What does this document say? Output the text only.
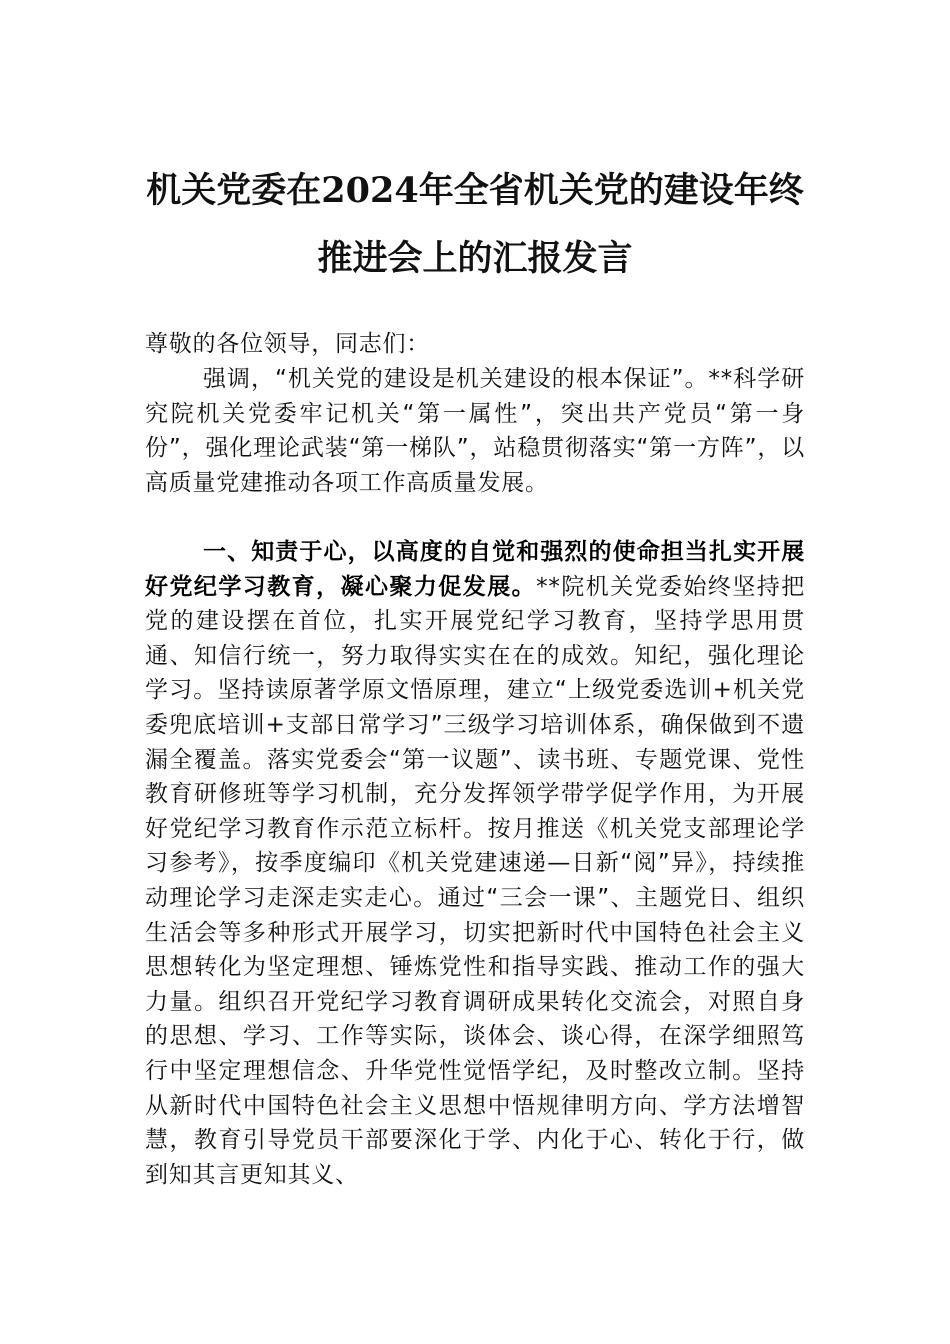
机关党委在2024年全省机关党的建设年终
推进会上的汇报发言

尊敬的各位领导，同志们：

强调，“机关党的建设是机关建设的根本保证”。**科学研究院机关党委牢记机关“第一属性”，突出共产党员“第一身份”，强化理论武装“第一梯队”，站稳贯彻落实“第一方阵”，以高质量党建推动各项工作高质量发展。

一、知责于心，以高度的自觉和强烈的使命担当扎实开展好党纪学习教育，凝心聚力促发展。**院机关党委始终坚持把党的建设摆在首位，扎实开展党纪学习教育，坚持学思用贯通、知信行统一，努力取得实实在在的成效。知纪，强化理论学习。坚持读原著学原文悟原理，建立“上级党委选训+机关党委兜底培训+支部日常学习”三级学习培训体系，确保做到不遗漏全覆盖。落实党委会“第一议题”、读书班、专题党课、党性教育研修班等学习机制，充分发挥领学带学促学作用，为开展好党纪学习教育作示范立标杆。按月推送《机关党支部理论学习参考》，按季度编印《机关党建速递—日新“阅”异》，持续推动理论学习走深走实走心。通过“三会一课”、主题党日、组织生活会等多种形式开展学习，切实把新时代中国特色社会主义思想转化为坚定理想、锤炼党性和指导实践、推动工作的强大力量。组织召开党纪学习教育调研成果转化交流会，对照自身的思想、学习、工作等实际，谈体会、谈心得，在深学细照笃行中坚定理想信念、升华党性觉悟学纪，及时整改立制。坚持从新时代中国特色社会主义思想中悟规律明方向、学方法增智慧，教育引导党员干部要深化于学、内化于心、转化于行，做到知其言更知其义、
